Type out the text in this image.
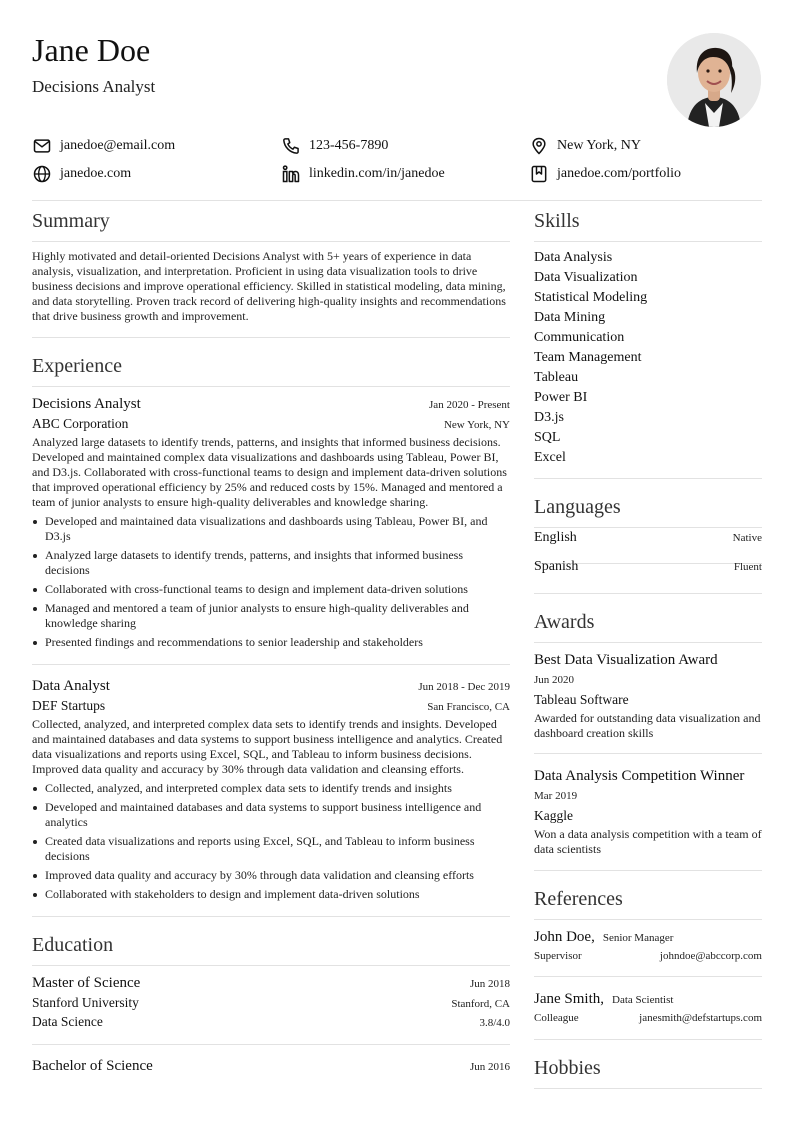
Jane Doe
Decisions Analyst
janedoe@email.com	123-456-7890	New York, NY
janedoe.com	linkedin.com/in/janedoe	janedoe.com/portfolio
Summary

Highly motivated and detail-oriented Decisions Analyst with 5+ years of experience in data analysis, visualization, and interpretation. Proficient in using data visualization tools to drive business decisions and improve operational efficiency. Skilled in statistical modeling, data mining, and data storytelling. Proven track record of delivering high-quality insights and recommendations that drive business growth and improvement.

Experience
Decisions Analyst	Jan 2020 - Present
ABC Corporation	New York, NY

Analyzed large datasets to identify trends, patterns, and insights that informed business decisions. Developed and maintained complex data visualizations and dashboards using Tableau, Power BI, and D3.js. Collaborated with cross-functional teams to design and implement data-driven solutions that improved operational efficiency by 25% and reduced costs by 15%. Managed and mentored a team of junior analysts to ensure high-quality deliverables and knowledge sharing.

Developed and maintained data visualizations and dashboards using Tableau, Power BI, and D3.js
Analyzed large datasets to identify trends, patterns, and insights that informed business decisions
Collaborated with cross-functional teams to design and implement data-driven solutions
Managed and mentored a team of junior analysts to ensure high-quality deliverables and knowledge sharing
Presented findings and recommendations to senior leadership and stakeholders
Data Analyst	Jun 2018 - Dec 2019
DEF Startups	San Francisco, CA

Collected, analyzed, and interpreted complex data sets to identify trends and insights. Developed and maintained databases and data systems to support business intelligence and analytics. Created data visualizations and reports using Excel, SQL, and Tableau to inform business decisions. Improved data quality and accuracy by 30% through data validation and cleansing efforts.

Collected, analyzed, and interpreted complex data sets to identify trends and insights
Developed and maintained databases and data systems to support business intelligence and analytics
Created data visualizations and reports using Excel, SQL, and Tableau to inform business decisions
Improved data quality and accuracy by 30% through data validation and cleansing efforts
Collaborated with stakeholders to design and implement data-driven solutions
Education
Master of Science	Jun 2018
Stanford University	Stanford, CA
Data Science	3.8/4.0
Bachelor of Science	Jun 2016
Skills
Data Analysis
Data Visualization
Statistical Modeling
Data Mining
Communication
Team Management
Tableau
Power BI
D3.js
SQL
Excel
Languages
English	Native
Spanish	Fluent
Awards
Best Data Visualization Award
Jun 2020
Tableau Software

Awarded for outstanding data visualization and dashboard creation skills

Data Analysis Competition Winner
Mar 2019
Kaggle

Won a data analysis competition with a team of data scientists

References
John Doe, Senior Manager
Supervisor	johndoe@abccorp.com
Jane Smith, Data Scientist
Colleague	janesmith@defstartups.com
Hobbies
